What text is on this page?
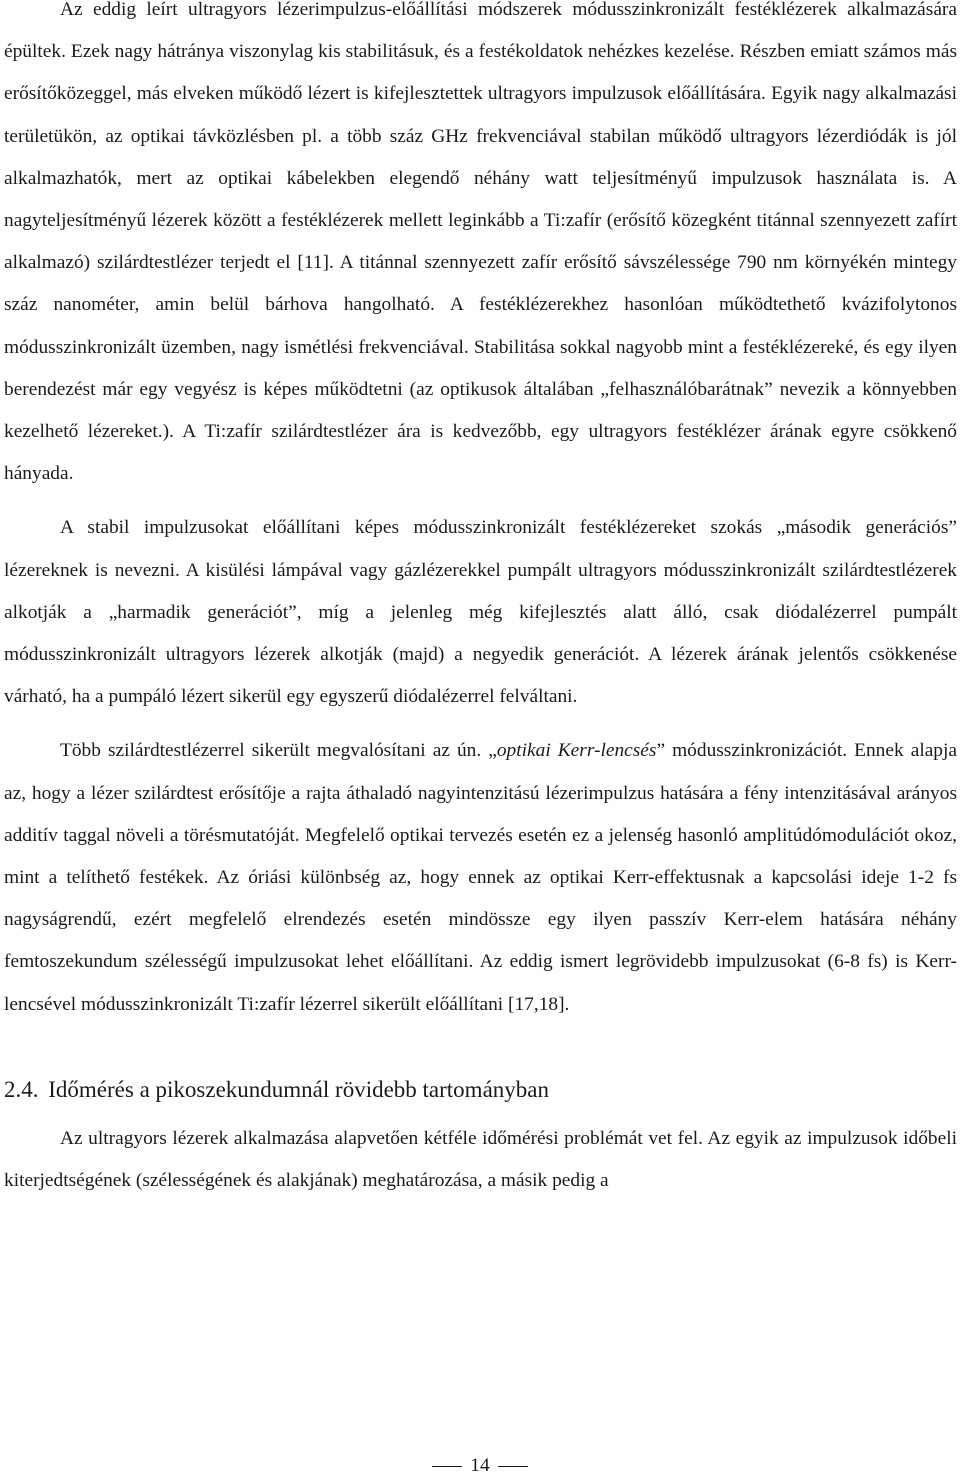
Az eddig leírt ultragyors lézerimpulzus-előállítási módszerek módusszinkronizált festéklézerek alkalmazására épültek. Ezek nagy hátránya viszonylag kis stabilitásuk, és a festékoldatok nehézkes kezelése. Részben emiatt számos más erősítőközeggel, más elveken működő lézert is kifejlesztettek ultragyors impulzusok előállítására. Egyik nagy alkalmazási területükön, az optikai távközlésben pl. a több száz GHz frekvenciával stabilan működő ultragyors lézerdiódák is jól alkalmazhatók, mert az optikai kábelekben elegendő néhány watt teljesítményű impulzusok használata is. A nagyteljesítményű lézerek között a festéklézerek mellett leginkább a Ti:zafír (erősítő közegként titánnal szennyezett zafírt alkalmazó) szilárdtestlézer terjedt el [11]. A titánnal szennyezett zafír erősítő sávszélessége 790 nm környékén mintegy száz nanométer, amin belül bárhova hangolható. A festéklézerekhez hasonlóan működtethető kvázifolytonos módusszinkronizált üzemben, nagy ismétlési frekvenciával. Stabilitása sokkal nagyobb mint a festéklézereké, és egy ilyen berendezést már egy vegyész is képes működtetni (az optikusok általában „felhasználóbarátnak” nevezik a könnyebben kezelhető lézereket.). A Ti:zafír szilárdtestlézer ára is kedvezőbb, egy ultragyors festéklézer árának egyre csökkenő hányada.

A stabil impulzusokat előállítani képes módusszinkronizált festéklézereket szokás „második generációs” lézereknek is nevezni. A kisülési lámpával vagy gázlézerekkel pumpált ultragyors módusszinkronizált szilárdtestlézerek alkotják a „harmadik generációt”, míg a jelenleg még kifejlesztés alatt álló, csak diódalézerrel pumpált módusszinkronizált ultragyors lézerek alkotják (majd) a negyedik generációt. A lézerek árának jelentős csökkenése várható, ha a pumpáló lézert sikerül egy egyszerű diódalézerrel felváltani.

Több szilárdtestlézerrel sikerült megvalósítani az ún. „optikai Kerr-lencsés” módusszinkronizációt. Ennek alapja az, hogy a lézer szilárdtest erősítője a rajta áthaladó nagyintenzitású lézerimpulzus hatására a fény intenzitásával arányos additív taggal növeli a törésmutatóját. Megfelelő optikai tervezés esetén ez a jelenség hasonló amplitúdómodulációt okoz, mint a telíthető festékek. Az óriási különbség az, hogy ennek az optikai Kerr-effektusnak a kapcsolási ideje 1-2 fs nagyságrendű, ezért megfelelő elrendezés esetén mindössze egy ilyen passzív Kerr-elem hatására néhány femtoszekundum szélességű impulzusokat lehet előállítani. Az eddig ismert legrövidebb impulzusokat (6-8 fs) is Kerr-lencsével módusszinkronizált Ti:zafír lézerrel sikerült előállítani [17,18].

2.4. Időmérés a pikoszekundumnál rövidebb tartományban

Az ultragyors lézerek alkalmazása alapvetően kétféle időmérési problémát vet fel. Az egyik az impulzusok időbeli kiterjedtségének (szélességének és alakjának) meghatározása, a másik pedig a

14
